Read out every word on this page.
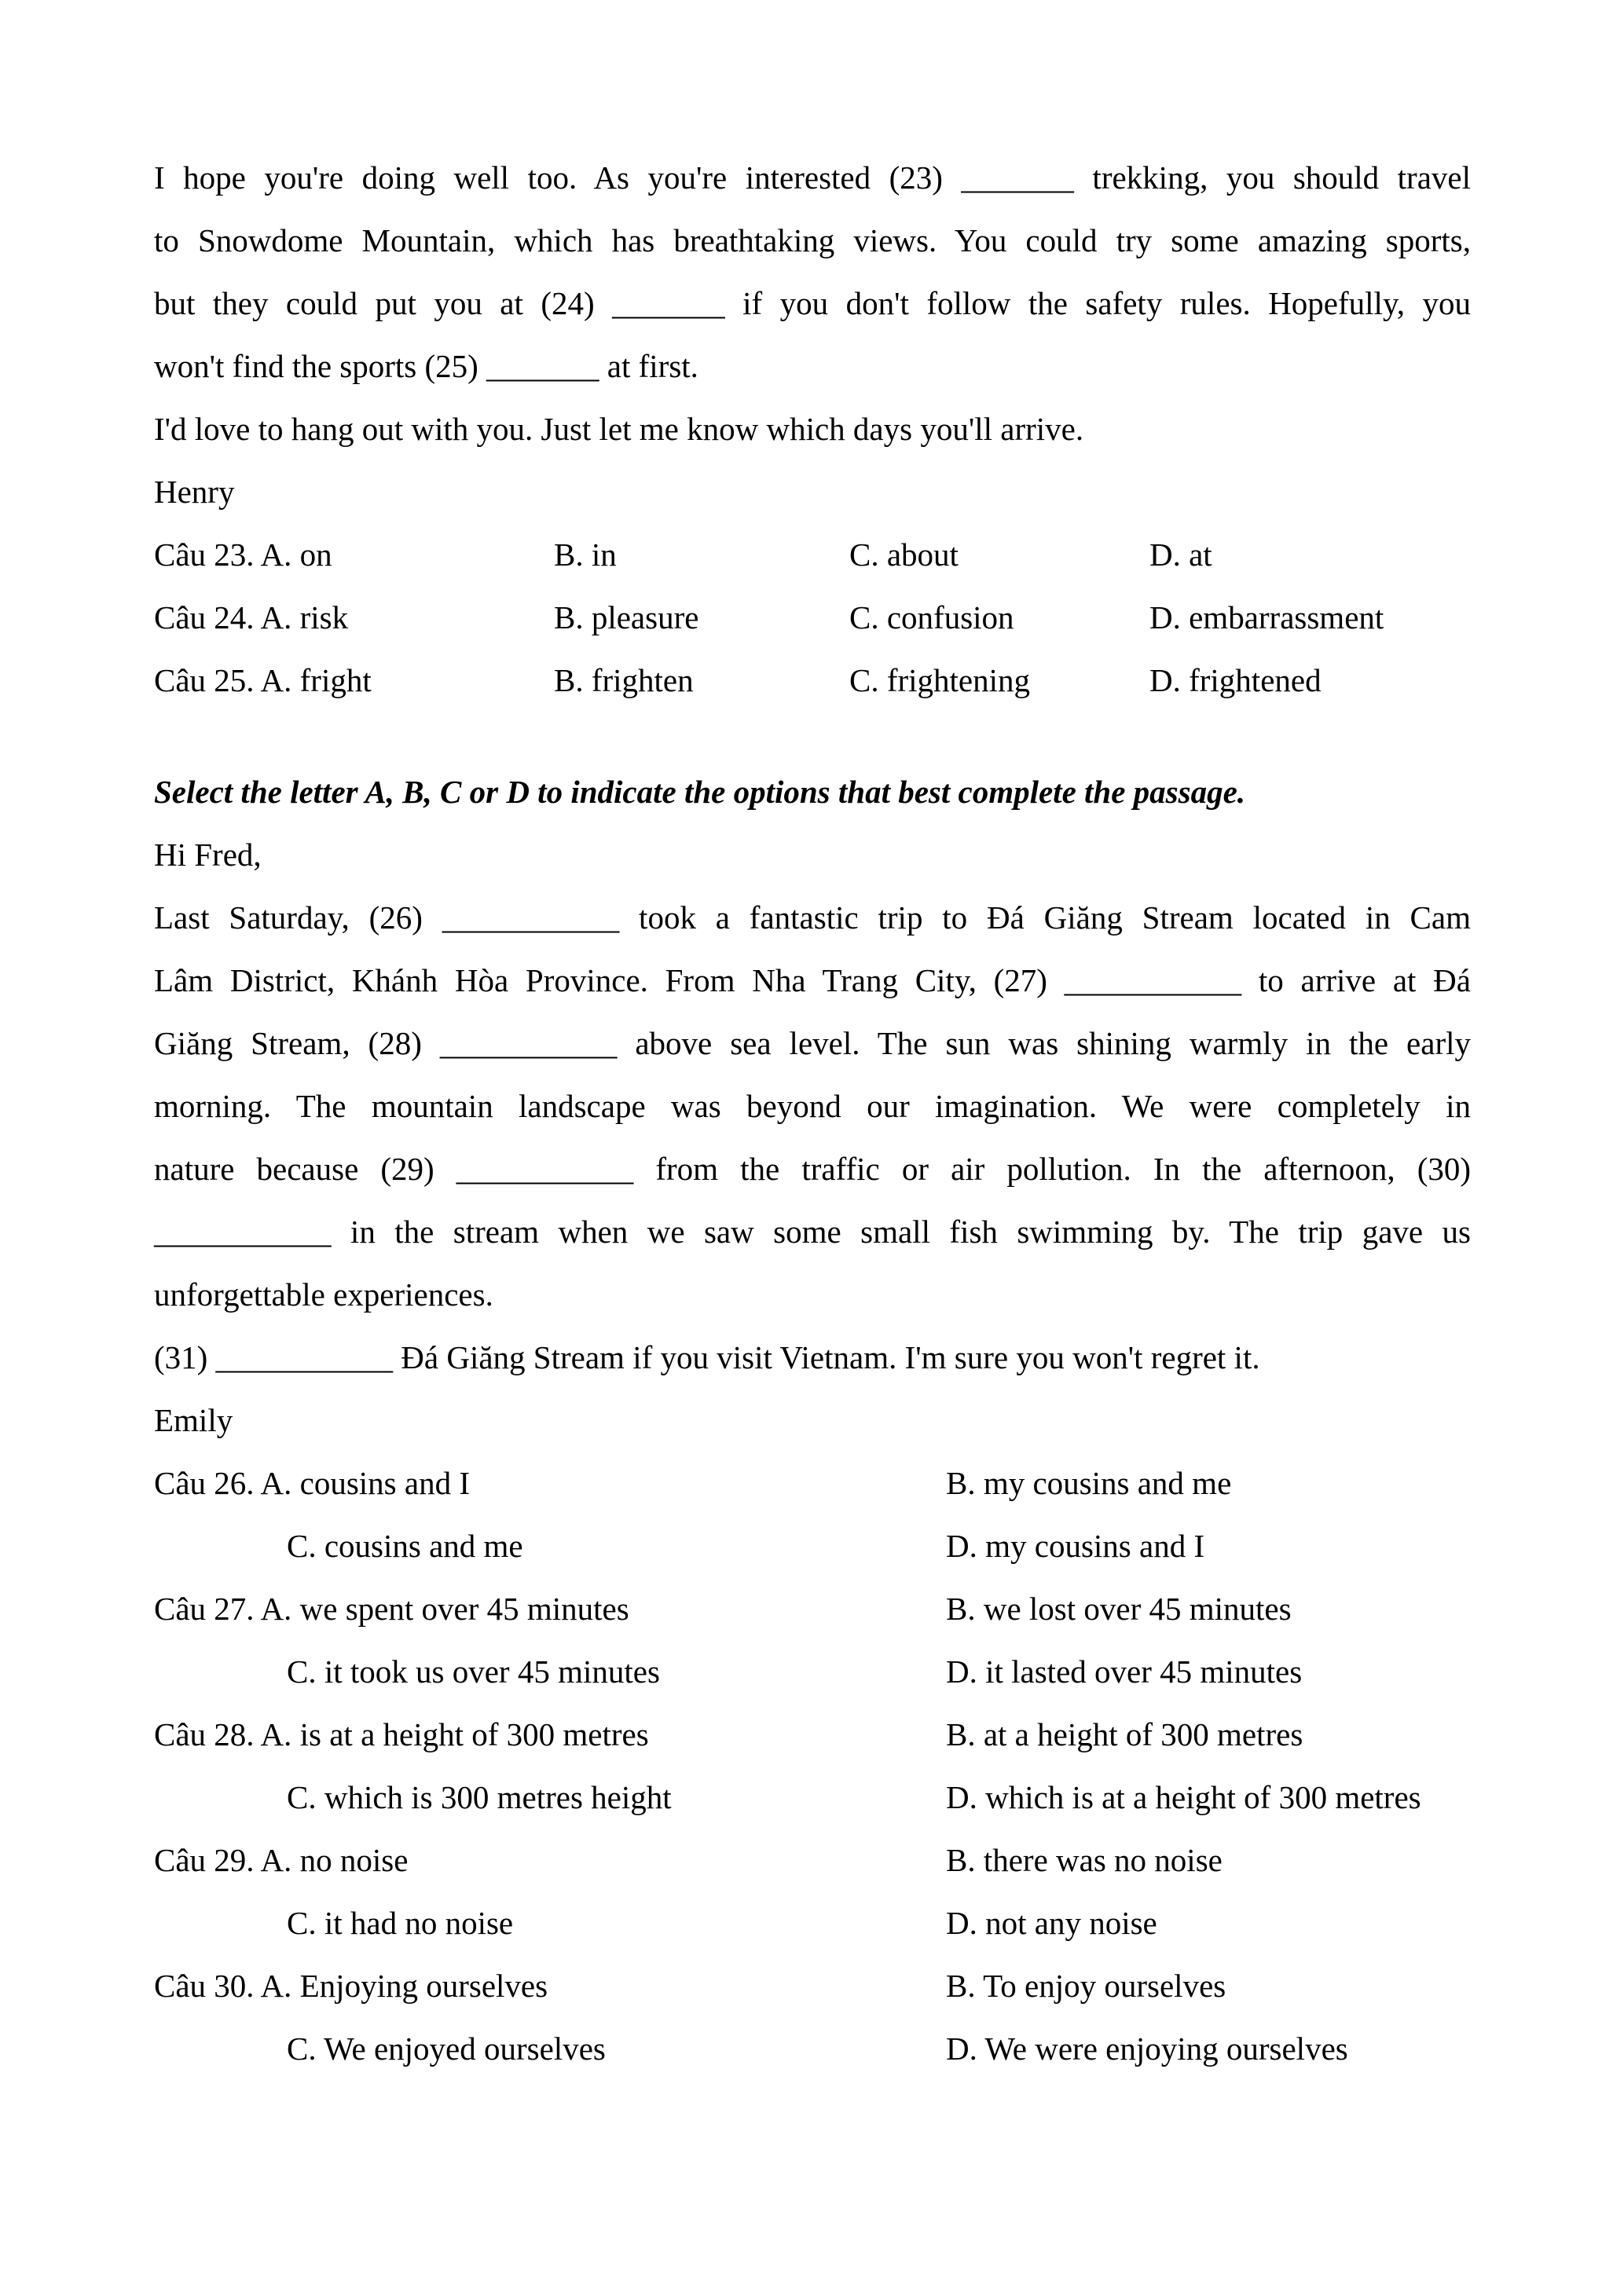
I hope you're doing well too. As you're interested (23) _______ trekking, you should travel
to Snowdome Mountain, which has breathtaking views. You could try some amazing sports,
but they could put you at (24) _______ if you don't follow the safety rules. Hopefully, you
won't find the sports (25) _______ at first.
I'd love to hang out with you. Just let me know which days you'll arrive.
Henry
Câu 23. A. on	B. in	C. about	D. at
Câu 24. A. risk	B. pleasure	C. confusion	D. embarrassment
Câu 25. A. fright	B. frighten	C. frightening	D. frightened
Select the letter A, B, C or D to indicate the options that best complete the passage.
Hi Fred,
Last Saturday, (26) ___________ took a fantastic trip to Đá Giăng Stream located in Cam
Lâm District, Khánh Hòa Province. From Nha Trang City, (27) ___________ to arrive at Đá
Giăng Stream, (28) ___________ above sea level. The sun was shining warmly in the early
morning. The mountain landscape was beyond our imagination. We were completely in
nature because (29) ___________ from the traffic or air pollution. In the afternoon, (30)
___________ in the stream when we saw some small fish swimming by. The trip gave us
unforgettable experiences.
(31) ___________ Đá Giăng Stream if you visit Vietnam. I'm sure you won't regret it.
Emily
Câu 26. A. cousins and I	B. my cousins and me
C. cousins and me	D. my cousins and I
Câu 27. A. we spent over 45 minutes	B. we lost over 45 minutes
C. it took us over 45 minutes	D. it lasted over 45 minutes
Câu 28. A. is at a height of 300 metres	B. at a height of 300 metres
C. which is 300 metres height	D. which is at a height of 300 metres
Câu 29. A. no noise	B. there was no noise
C. it had no noise	D. not any noise
Câu 30. A. Enjoying ourselves	B. To enjoy ourselves
C. We enjoyed ourselves	D. We were enjoying ourselves
